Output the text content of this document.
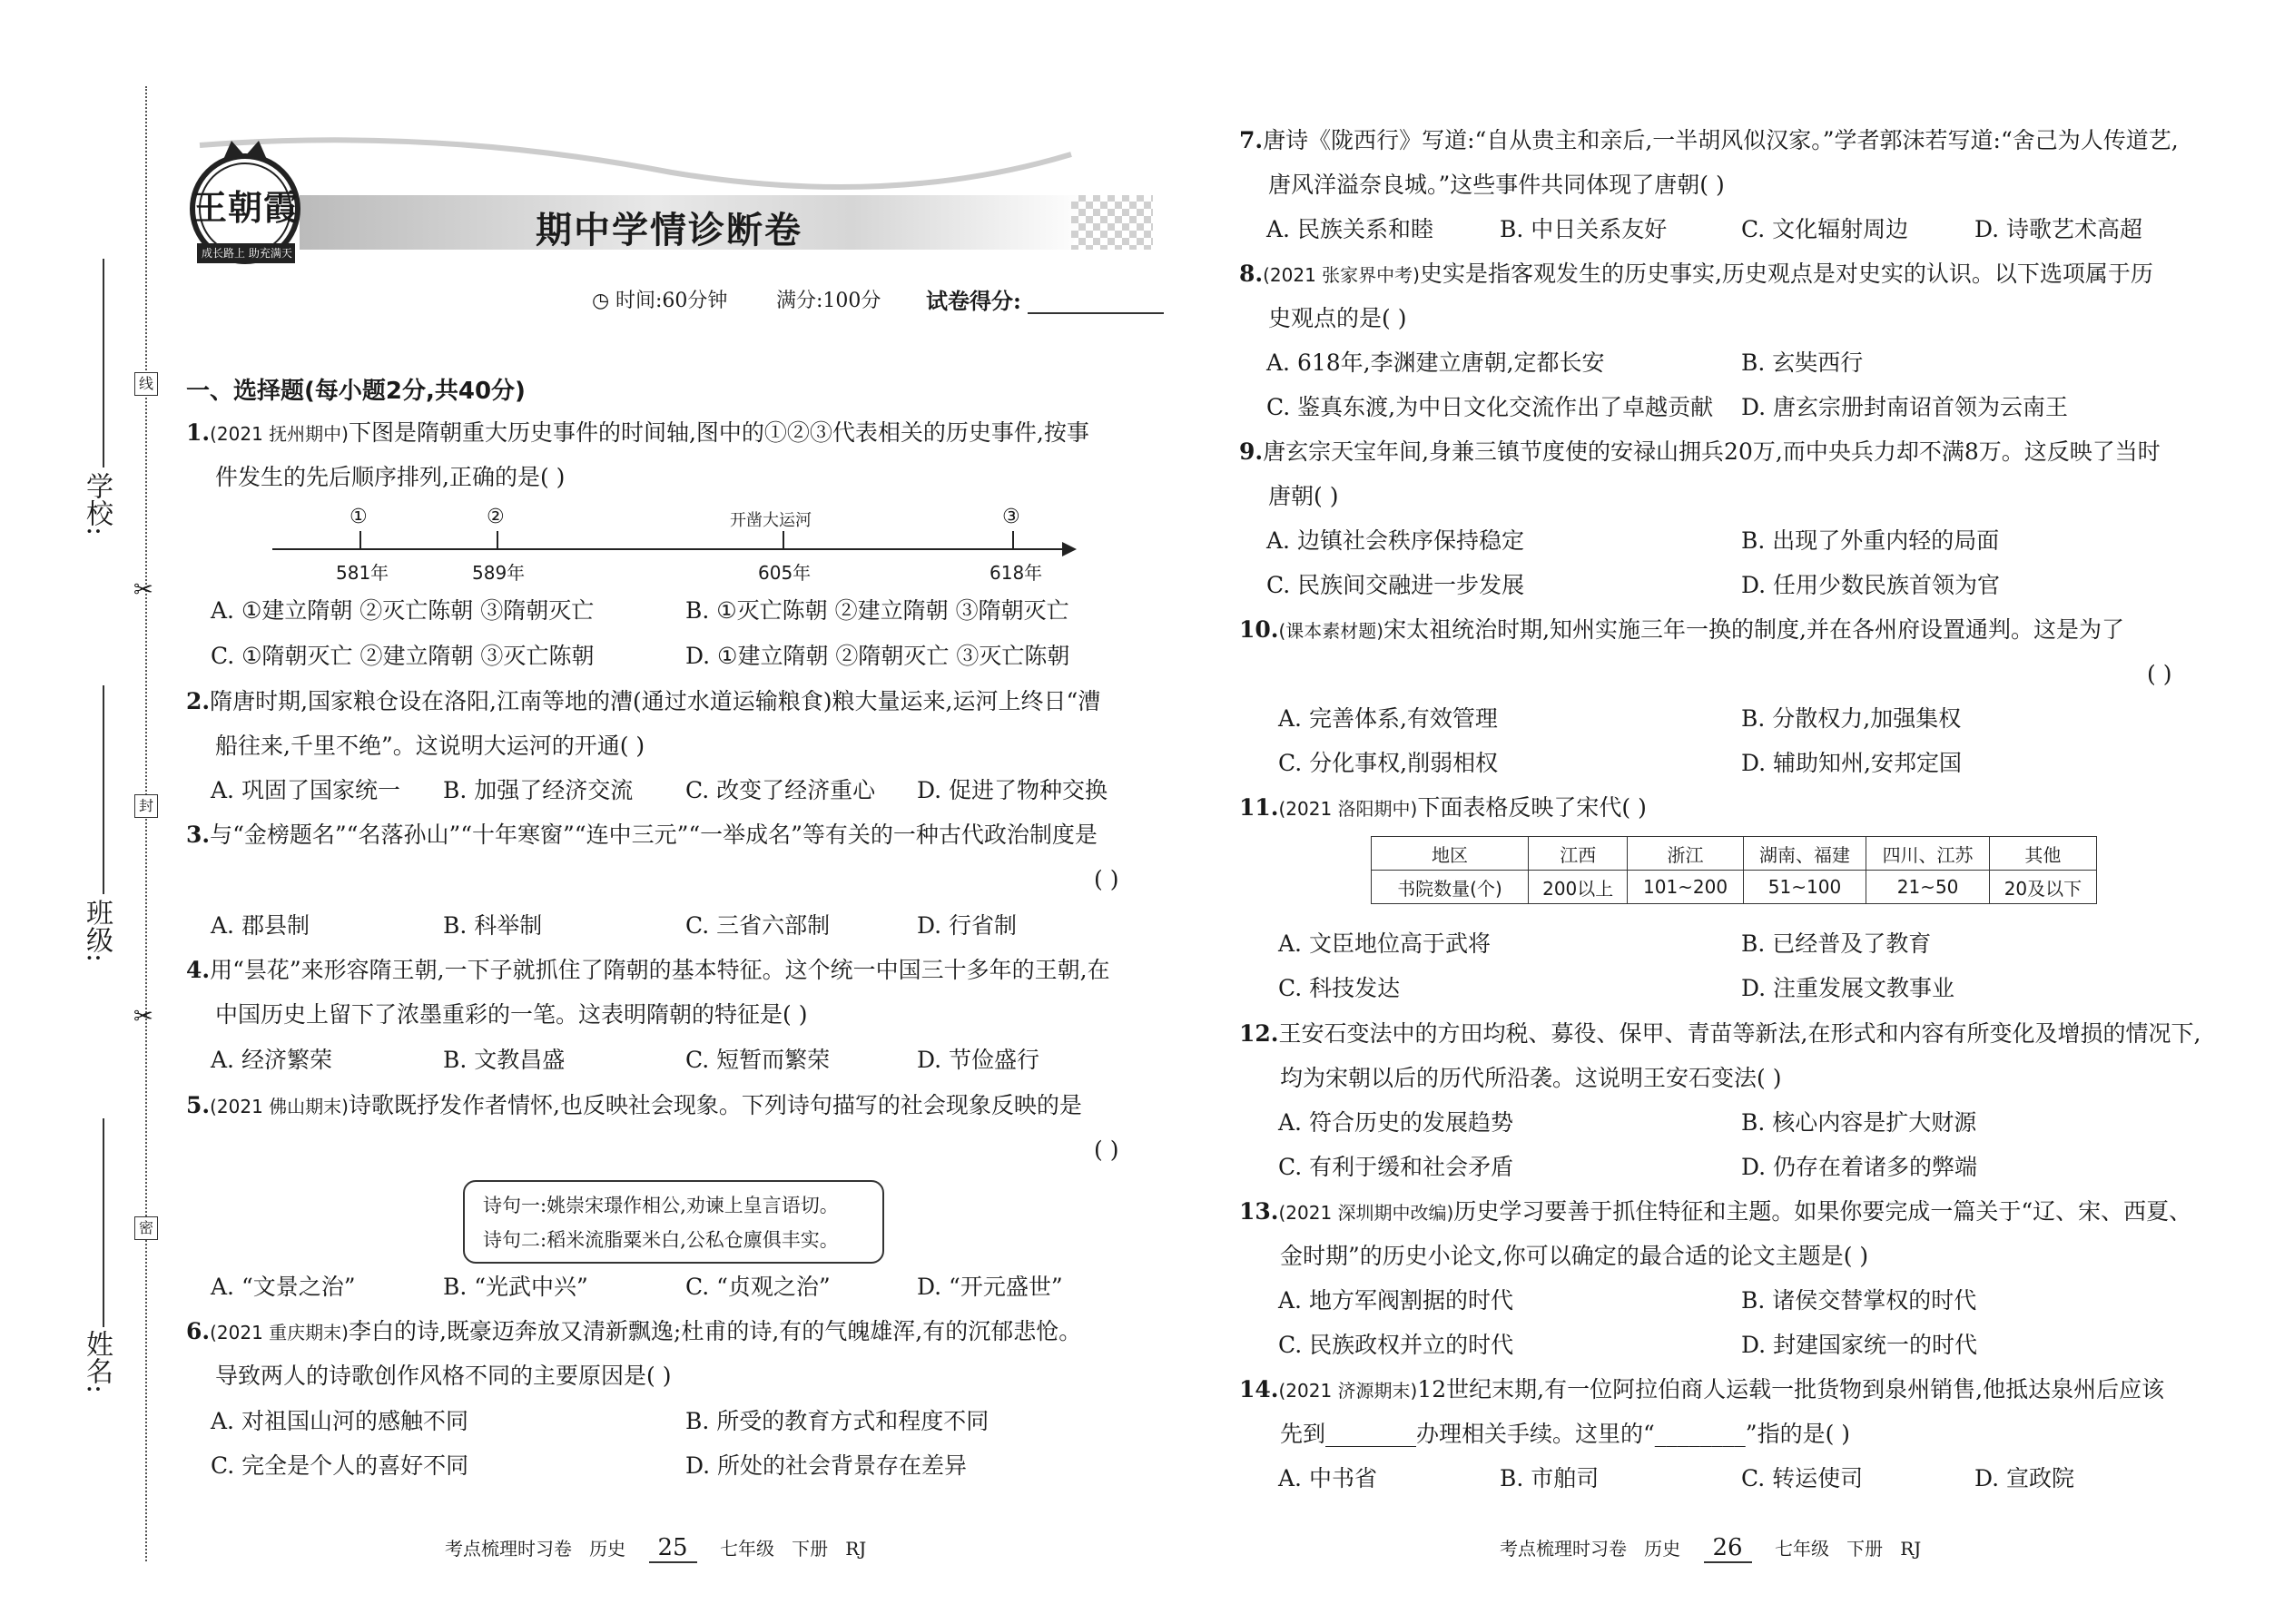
线
封
密
✂
✂
学校:
班级:
姓名:
王朝霞
成长路上 助充满天
期中学情诊断卷
◷ 时间:60分钟 满分:100分 试卷得分:
一、选择题(每小题2分,共40分)
1.(2021 抚州期中)下图是隋朝重大历史事件的时间轴,图中的①②③代表相关的历史事件,按事
件发生的先后顺序排列,正确的是( )
①
581年
②
589年
开凿大运河
605年
③
618年
A. ①建立隋朝 ②灭亡陈朝 ③隋朝灭亡	B. ①灭亡陈朝 ②建立隋朝 ③隋朝灭亡
C. ①隋朝灭亡 ②建立隋朝 ③灭亡陈朝	D. ①建立隋朝 ②隋朝灭亡 ③灭亡陈朝
2.隋唐时期,国家粮仓设在洛阳,江南等地的漕(通过水道运输粮食)粮大量运来,运河上终日“漕
船往来,千里不绝”。这说明大运河的开通( )
A. 巩固了国家统一 B. 加强了经济交流 C. 改变了经济重心 D. 促进了物种交换
3.与“金榜题名”“名落孙山”“十年寒窗”“连中三元”“一举成名”等有关的一种古代政治制度是
( )
A. 郡县制	B. 科举制	C. 三省六部制	D. 行省制
4.用“昙花”来形容隋王朝,一下子就抓住了隋朝的基本特征。这个统一中国三十多年的王朝,在
中国历史上留下了浓墨重彩的一笔。这表明隋朝的特征是( )
A. 经济繁荣	B. 文教昌盛	C. 短暂而繁荣	D. 节俭盛行
5.(2021 佛山期末)诗歌既抒发作者情怀,也反映社会现象。下列诗句描写的社会现象反映的是
( )
诗句一:姚崇宋璟作相公,劝谏上皇言语切。
诗句二:稻米流脂粟米白,公私仓廪俱丰实。
A. “文景之治”	B. “光武中兴”	C. “贞观之治”	D. “开元盛世”
6.(2021 重庆期末)李白的诗,既豪迈奔放又清新飘逸;杜甫的诗,有的气魄雄浑,有的沉郁悲怆。
导致两人的诗歌创作风格不同的主要原因是( )
A. 对祖国山河的感触不同	B. 所受的教育方式和程度不同
C. 完全是个人的喜好不同	D. 所处的社会背景存在差异
考点梳理时习卷 历史 25 七年级 下册 RJ
7.唐诗《陇西行》写道:“自从贵主和亲后,一半胡风似汉家。”学者郭沫若写道:“舍己为人传道艺,
唐风洋溢奈良城。”这些事件共同体现了唐朝( )
A. 民族关系和睦	B. 中日关系友好	C. 文化辐射周边	D. 诗歌艺术高超
8.(2021 张家界中考)史实是指客观发生的历史事实,历史观点是对史实的认识。以下选项属于历
史观点的是( )
A. 618年,李渊建立唐朝,定都长安	B. 玄奘西行
C. 鉴真东渡,为中日文化交流作出了卓越贡献 D. 唐玄宗册封南诏首领为云南王
9.唐玄宗天宝年间,身兼三镇节度使的安禄山拥兵20万,而中央兵力却不满8万。这反映了当时
唐朝( )
A. 边镇社会秩序保持稳定	B. 出现了外重内轻的局面
C. 民族间交融进一步发展	D. 任用少数民族首领为官
10.(课本素材题)宋太祖统治时期,知州实施三年一换的制度,并在各州府设置通判。这是为了
( )
A. 完善体系,有效管理	B. 分散权力,加强集权
C. 分化事权,削弱相权	D. 辅助知州,安邦定国
11.(2021 洛阳期中)下面表格反映了宋代( )
地区	江西	浙江	湖南、福建	四川、江苏	其他
书院数量(个)	200以上	101~200	51~100	21~50	20及以下
A. 文臣地位高于武将	B. 已经普及了教育
C. 科技发达	D. 注重发展文教事业
12.王安石变法中的方田均税、募役、保甲、青苗等新法,在形式和内容有所变化及增损的情况下,
均为宋朝以后的历代所沿袭。这说明王安石变法( )
A. 符合历史的发展趋势	B. 核心内容是扩大财源
C. 有利于缓和社会矛盾	D. 仍存在着诸多的弊端
13.(2021 深圳期中改编)历史学习要善于抓住特征和主题。如果你要完成一篇关于“辽、宋、西夏、
金时期”的历史小论文,你可以确定的最合适的论文主题是( )
A. 地方军阀割据的时代	B. 诸侯交替掌权的时代
C. 民族政权并立的时代	D. 封建国家统一的时代
14.(2021 济源期末)12世纪末期,有一位阿拉伯商人运载一批货物到泉州销售,他抵达泉州后应该
先到________办理相关手续。这里的“________”指的是( )
A. 中书省	B. 市舶司	C. 转运使司	D. 宣政院
考点梳理时习卷 历史 26 七年级 下册 RJ
